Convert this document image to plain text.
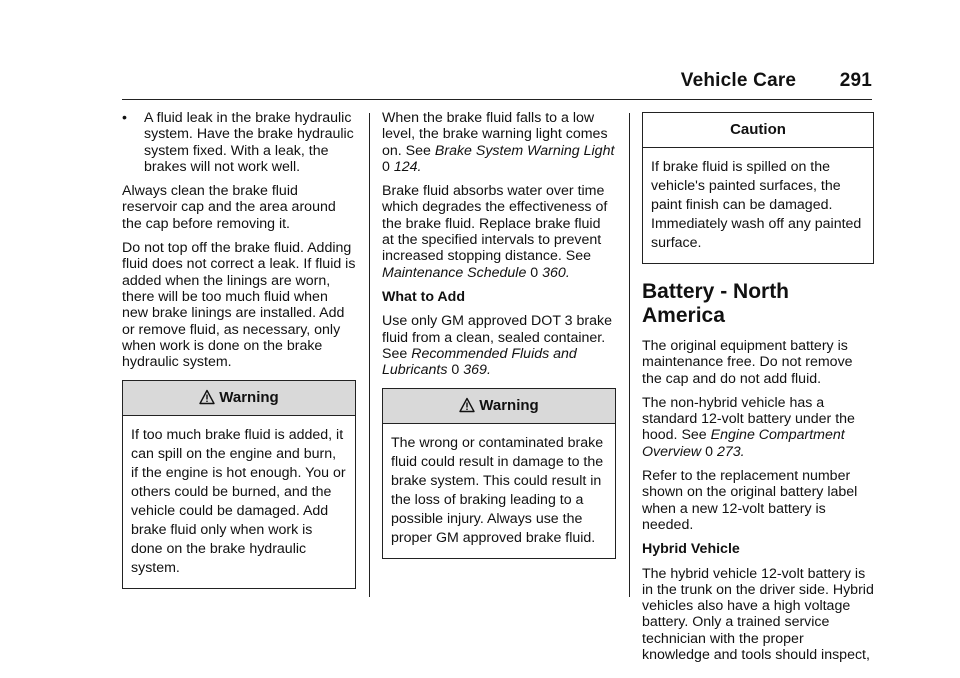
Vehicle Care 291
•	A fluid leak in the brake hydraulic system. Have the brake hydraulic system fixed. With a leak, the brakes will not work well.

Always clean the brake fluid reservoir cap and the area around the cap before removing it.

Do not top off the brake fluid. Adding fluid does not correct a leak. If fluid is added when the linings are worn, there will be too much fluid when new brake linings are installed. Add or remove fluid, as necessary, only when work is done on the brake hydraulic system.

Warning
If too much brake fluid is added, it can spill on the engine and burn, if the engine is hot enough. You or others could be burned, and the vehicle could be damaged. Add brake fluid only when work is done on the brake hydraulic system.

When the brake fluid falls to a low level, the brake warning light comes on. See Brake System Warning Light 0 124.

Brake fluid absorbs water over time which degrades the effectiveness of the brake fluid. Replace brake fluid at the specified intervals to prevent increased stopping distance. See Maintenance Schedule 0 360.

What to Add

Use only GM approved DOT 3 brake fluid from a clean, sealed container. See Recommended Fluids and Lubricants 0 369.

Warning
The wrong or contaminated brake fluid could result in damage to the brake system. This could result in the loss of braking leading to a possible injury. Always use the proper GM approved brake fluid.
Caution
If brake fluid is spilled on the vehicle's painted surfaces, the paint finish can be damaged. Immediately wash off any painted surface.
Battery - North America

The original equipment battery is maintenance free. Do not remove the cap and do not add fluid.

The non-hybrid vehicle has a standard 12-volt battery under the hood. See Engine Compartment Overview 0 273.

Refer to the replacement number shown on the original battery label when a new 12-volt battery is needed.

Hybrid Vehicle

The hybrid vehicle 12-volt battery is in the trunk on the driver side. Hybrid vehicles also have a high voltage battery. Only a trained service technician with the proper knowledge and tools should inspect,
